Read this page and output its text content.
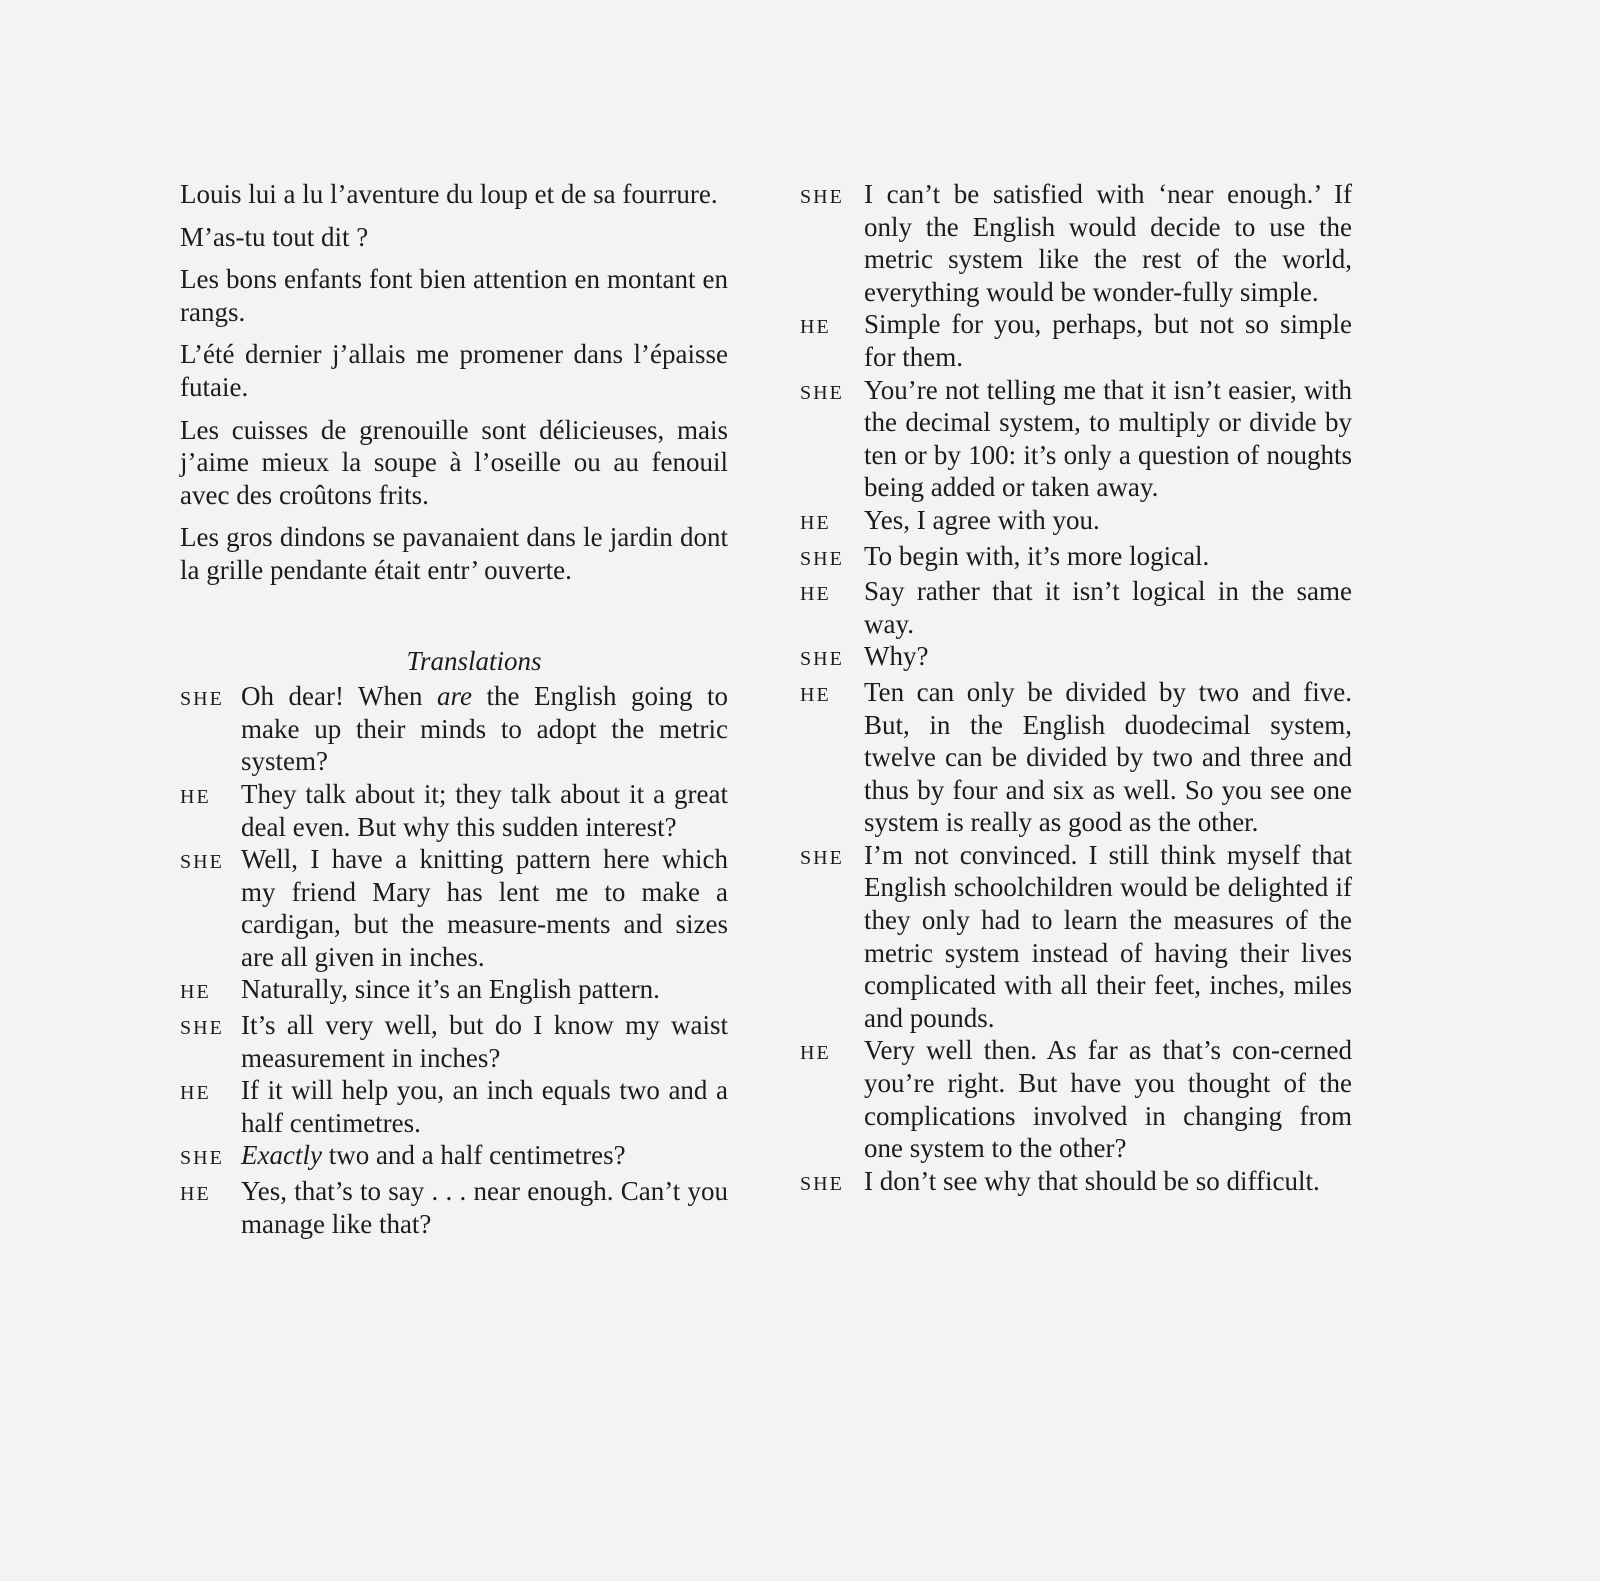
Louis lui a lu l’aventure du loup et de sa fourrure.

M’as-tu tout dit ?

Les bons enfants font bien attention en montant en rangs.

L’été dernier j’allais me promener dans l’épaisse futaie.

Les cuisses de grenouille sont délicieuses, mais j’aime mieux la soupe à l’oseille ou au fenouil avec des croûtons frits.

Les gros dindons se pavanaient dans le jardin dont la grille pendante était entr’ ouverte.

Translations
SHE Oh dear! When are the English going to make up their minds to adopt the metric system?
HE	They talk about it; they talk about it a great deal even. But why this sudden interest?
SHE Well, I have a knitting pattern here which my friend Mary has lent me to make a cardigan, but the measure-ments and sizes are all given in inches.
HE	Naturally, since it’s an English pattern.
SHE It’s all very well, but do I know my waist measurement in inches?
HE	If it will help you, an inch equals two and a half centimetres.
SHE Exactly two and a half centimetres?
HE	Yes, that’s to say . . . near enough. Can’t you manage like that?
SHE I can’t be satisfied with ‘near enough.’ If only the English would decide to use the metric system like the rest of the world, everything would be wonder-fully simple.
HE	Simple for you, perhaps, but not so simple for them.
SHE You’re not telling me that it isn’t easier, with the decimal system, to multiply or divide by ten or by 100: it’s only a question of noughts being added or taken away.
HE	Yes, I agree with you.
SHE To begin with, it’s more logical.
HE	Say rather that it isn’t logical in the same way.
SHE Why?
HE	Ten can only be divided by two and five. But, in the English duodecimal system, twelve can be divided by two and three and thus by four and six as well. So you see one system is really as good as the other.
SHE I’m not convinced. I still think myself that English schoolchildren would be delighted if they only had to learn the measures of the metric system instead of having their lives complicated with all their feet, inches, miles and pounds.
HE	Very well then. As far as that’s con-cerned you’re right. But have you thought of the complications involved in changing from one system to the other?
SHE I don’t see why that should be so difficult.
